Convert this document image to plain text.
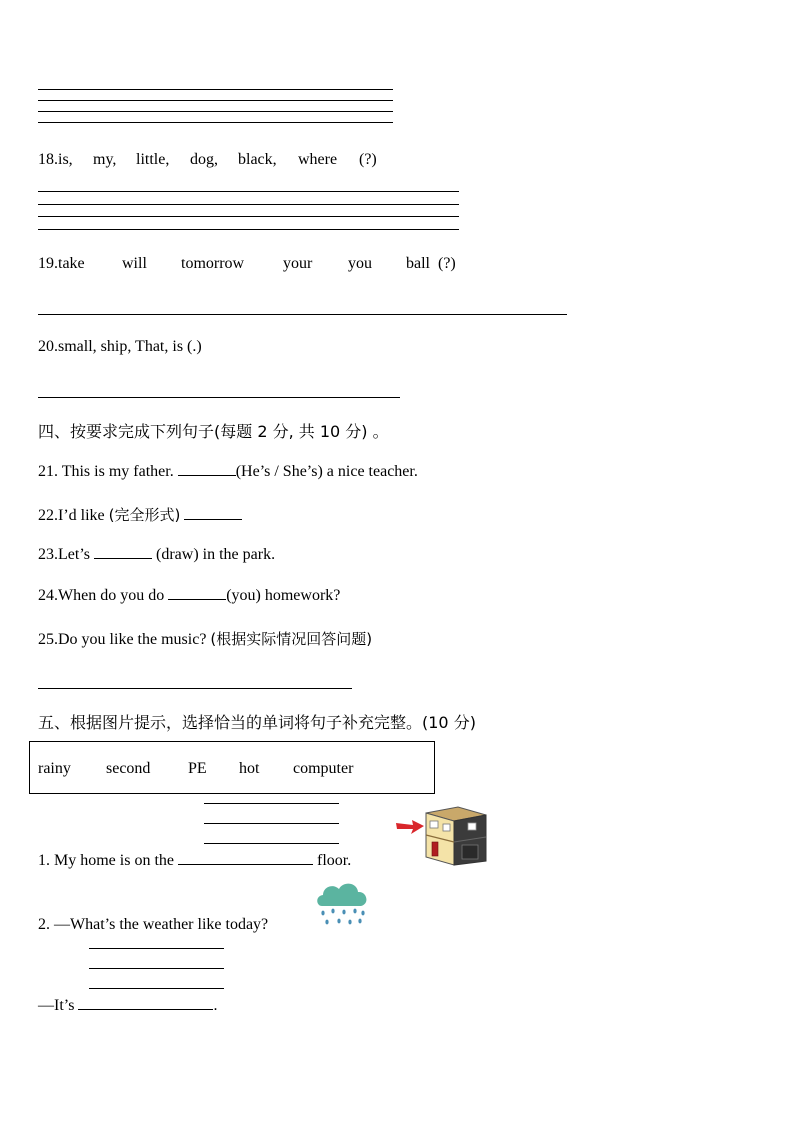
18.is, my, little, dog, black, where (?)
19.take will tomorrow your you ball (?)
20.small, ship, That, is (.)
四、按要求完成下列句子(每题 2 分, 共 10 分) 。
21. This is my father.	(He’s / She’s) a nice teacher.
22.I’d like (完全形式)
23.Let’s	(draw) in the park.
24.When do you do	(you) homework?
25.Do you like the music? (根据实际情况回答问题)
五、根据图片提示，选择恰当的单词将句子补充完整。(10 分)
rainy second PE hot computer
1. My home is on the	floor.
2. —What’s the weather like today?
—It’s	.
